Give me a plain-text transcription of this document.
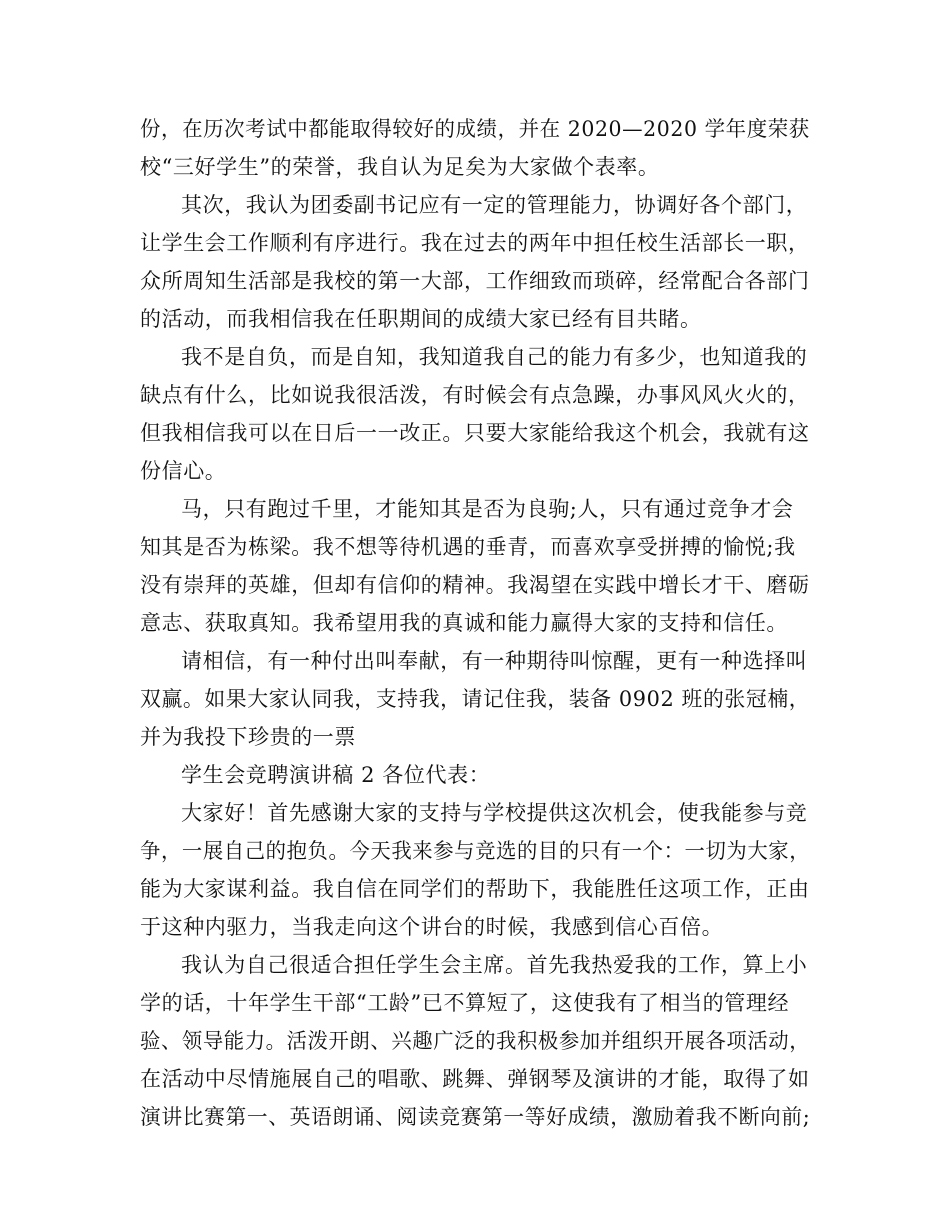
份，在历次考试中都能取得较好的成绩，并在 2020—2020 学年度荣获
校“三好学生”的荣誉，我自认为足矣为大家做个表率。
其次，我认为团委副书记应有一定的管理能力，协调好各个部门，
让学生会工作顺利有序进行。我在过去的两年中担任校生活部长一职，
众所周知生活部是我校的第一大部，工作细致而琐碎，经常配合各部门
的活动，而我相信我在任职期间的成绩大家已经有目共睹。
我不是自负，而是自知，我知道我自己的能力有多少，也知道我的
缺点有什么，比如说我很活泼，有时候会有点急躁，办事风风火火的，
但我相信我可以在日后一一改正。只要大家能给我这个机会，我就有这
份信心。
马，只有跑过千里，才能知其是否为良驹;人，只有通过竞争才会
知其是否为栋梁。我不想等待机遇的垂青，而喜欢享受拼搏的愉悦;我
没有崇拜的英雄，但却有信仰的精神。我渴望在实践中增长才干、磨砺
意志、获取真知。我希望用我的真诚和能力赢得大家的支持和信任。
请相信，有一种付出叫奉献，有一种期待叫惊醒，更有一种选择叫
双赢。如果大家认同我，支持我，请记住我，装备 0902 班的张冠楠，
并为我投下珍贵的一票
学生会竞聘演讲稿 2 各位代表：
大家好！首先感谢大家的支持与学校提供这次机会，使我能参与竞
争，一展自己的抱负。今天我来参与竞选的目的只有一个：一切为大家，
能为大家谋利益。我自信在同学们的帮助下，我能胜任这项工作，正由
于这种内驱力，当我走向这个讲台的时候，我感到信心百倍。
我认为自己很适合担任学生会主席。首先我热爱我的工作，算上小
学的话，十年学生干部“工龄”已不算短了，这使我有了相当的管理经
验、领导能力。活泼开朗、兴趣广泛的我积极参加并组织开展各项活动，
在活动中尽情施展自己的唱歌、跳舞、弹钢琴及演讲的才能，取得了如
演讲比赛第一、英语朗诵、阅读竞赛第一等好成绩，激励着我不断向前;
